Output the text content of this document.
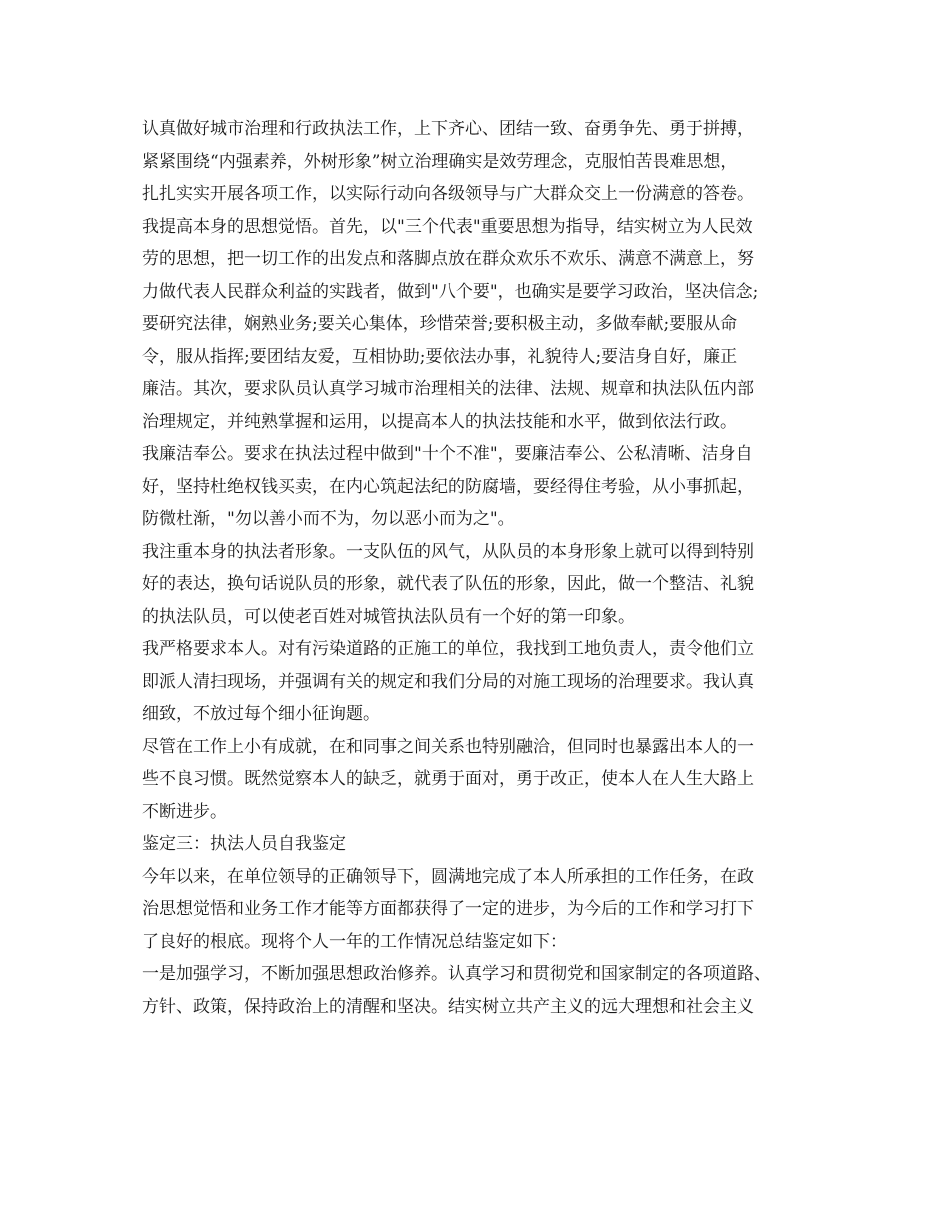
认真做好城市治理和行政执法工作，上下齐心、团结一致、奋勇争先、勇于拼搏，
紧紧围绕“内强素养，外树形象”树立治理确实是效劳理念，克服怕苦畏难思想，
扎扎实实开展各项工作，以实际行动向各级领导与广大群众交上一份满意的答卷。
我提高本身的思想觉悟。首先，以"三个代表"重要思想为指导，结实树立为人民效
劳的思想，把一切工作的出发点和落脚点放在群众欢乐不欢乐、满意不满意上，努
力做代表人民群众利益的实践者，做到"八个要"，也确实是要学习政治，坚决信念;
要研究法律，娴熟业务;要关心集体，珍惜荣誉;要积极主动，多做奉献;要服从命
令，服从指挥;要团结友爱，互相协助;要依法办事，礼貌待人;要洁身自好，廉正
廉洁。其次，要求队员认真学习城市治理相关的法律、法规、规章和执法队伍内部
治理规定，并纯熟掌握和运用，以提高本人的执法技能和水平，做到依法行政。
我廉洁奉公。要求在执法过程中做到"十个不准"，要廉洁奉公、公私清晰、洁身自
好，坚持杜绝权钱买卖，在内心筑起法纪的防腐墙，要经得住考验，从小事抓起，
防微杜渐，"勿以善小而不为，勿以恶小而为之"。
我注重本身的执法者形象。一支队伍的风气，从队员的本身形象上就可以得到特别
好的表达，换句话说队员的形象，就代表了队伍的形象，因此，做一个整洁、礼貌
的执法队员，可以使老百姓对城管执法队员有一个好的第一印象。
我严格要求本人。对有污染道路的正施工的单位，我找到工地负责人，责令他们立
即派人清扫现场，并强调有关的规定和我们分局的对施工现场的治理要求。我认真
细致，不放过每个细小征询题。
尽管在工作上小有成就，在和同事之间关系也特别融洽，但同时也暴露出本人的一
些不良习惯。既然觉察本人的缺乏，就勇于面对，勇于改正，使本人在人生大路上
不断进步。
鉴定三：执法人员自我鉴定
今年以来，在单位领导的正确领导下，圆满地完成了本人所承担的工作任务，在政
治思想觉悟和业务工作才能等方面都获得了一定的进步，为今后的工作和学习打下
了良好的根底。现将个人一年的工作情况总结鉴定如下：
一是加强学习，不断加强思想政治修养。认真学习和贯彻党和国家制定的各项道路、
方针、政策，保持政治上的清醒和坚决。结实树立共产主义的远大理想和社会主义
